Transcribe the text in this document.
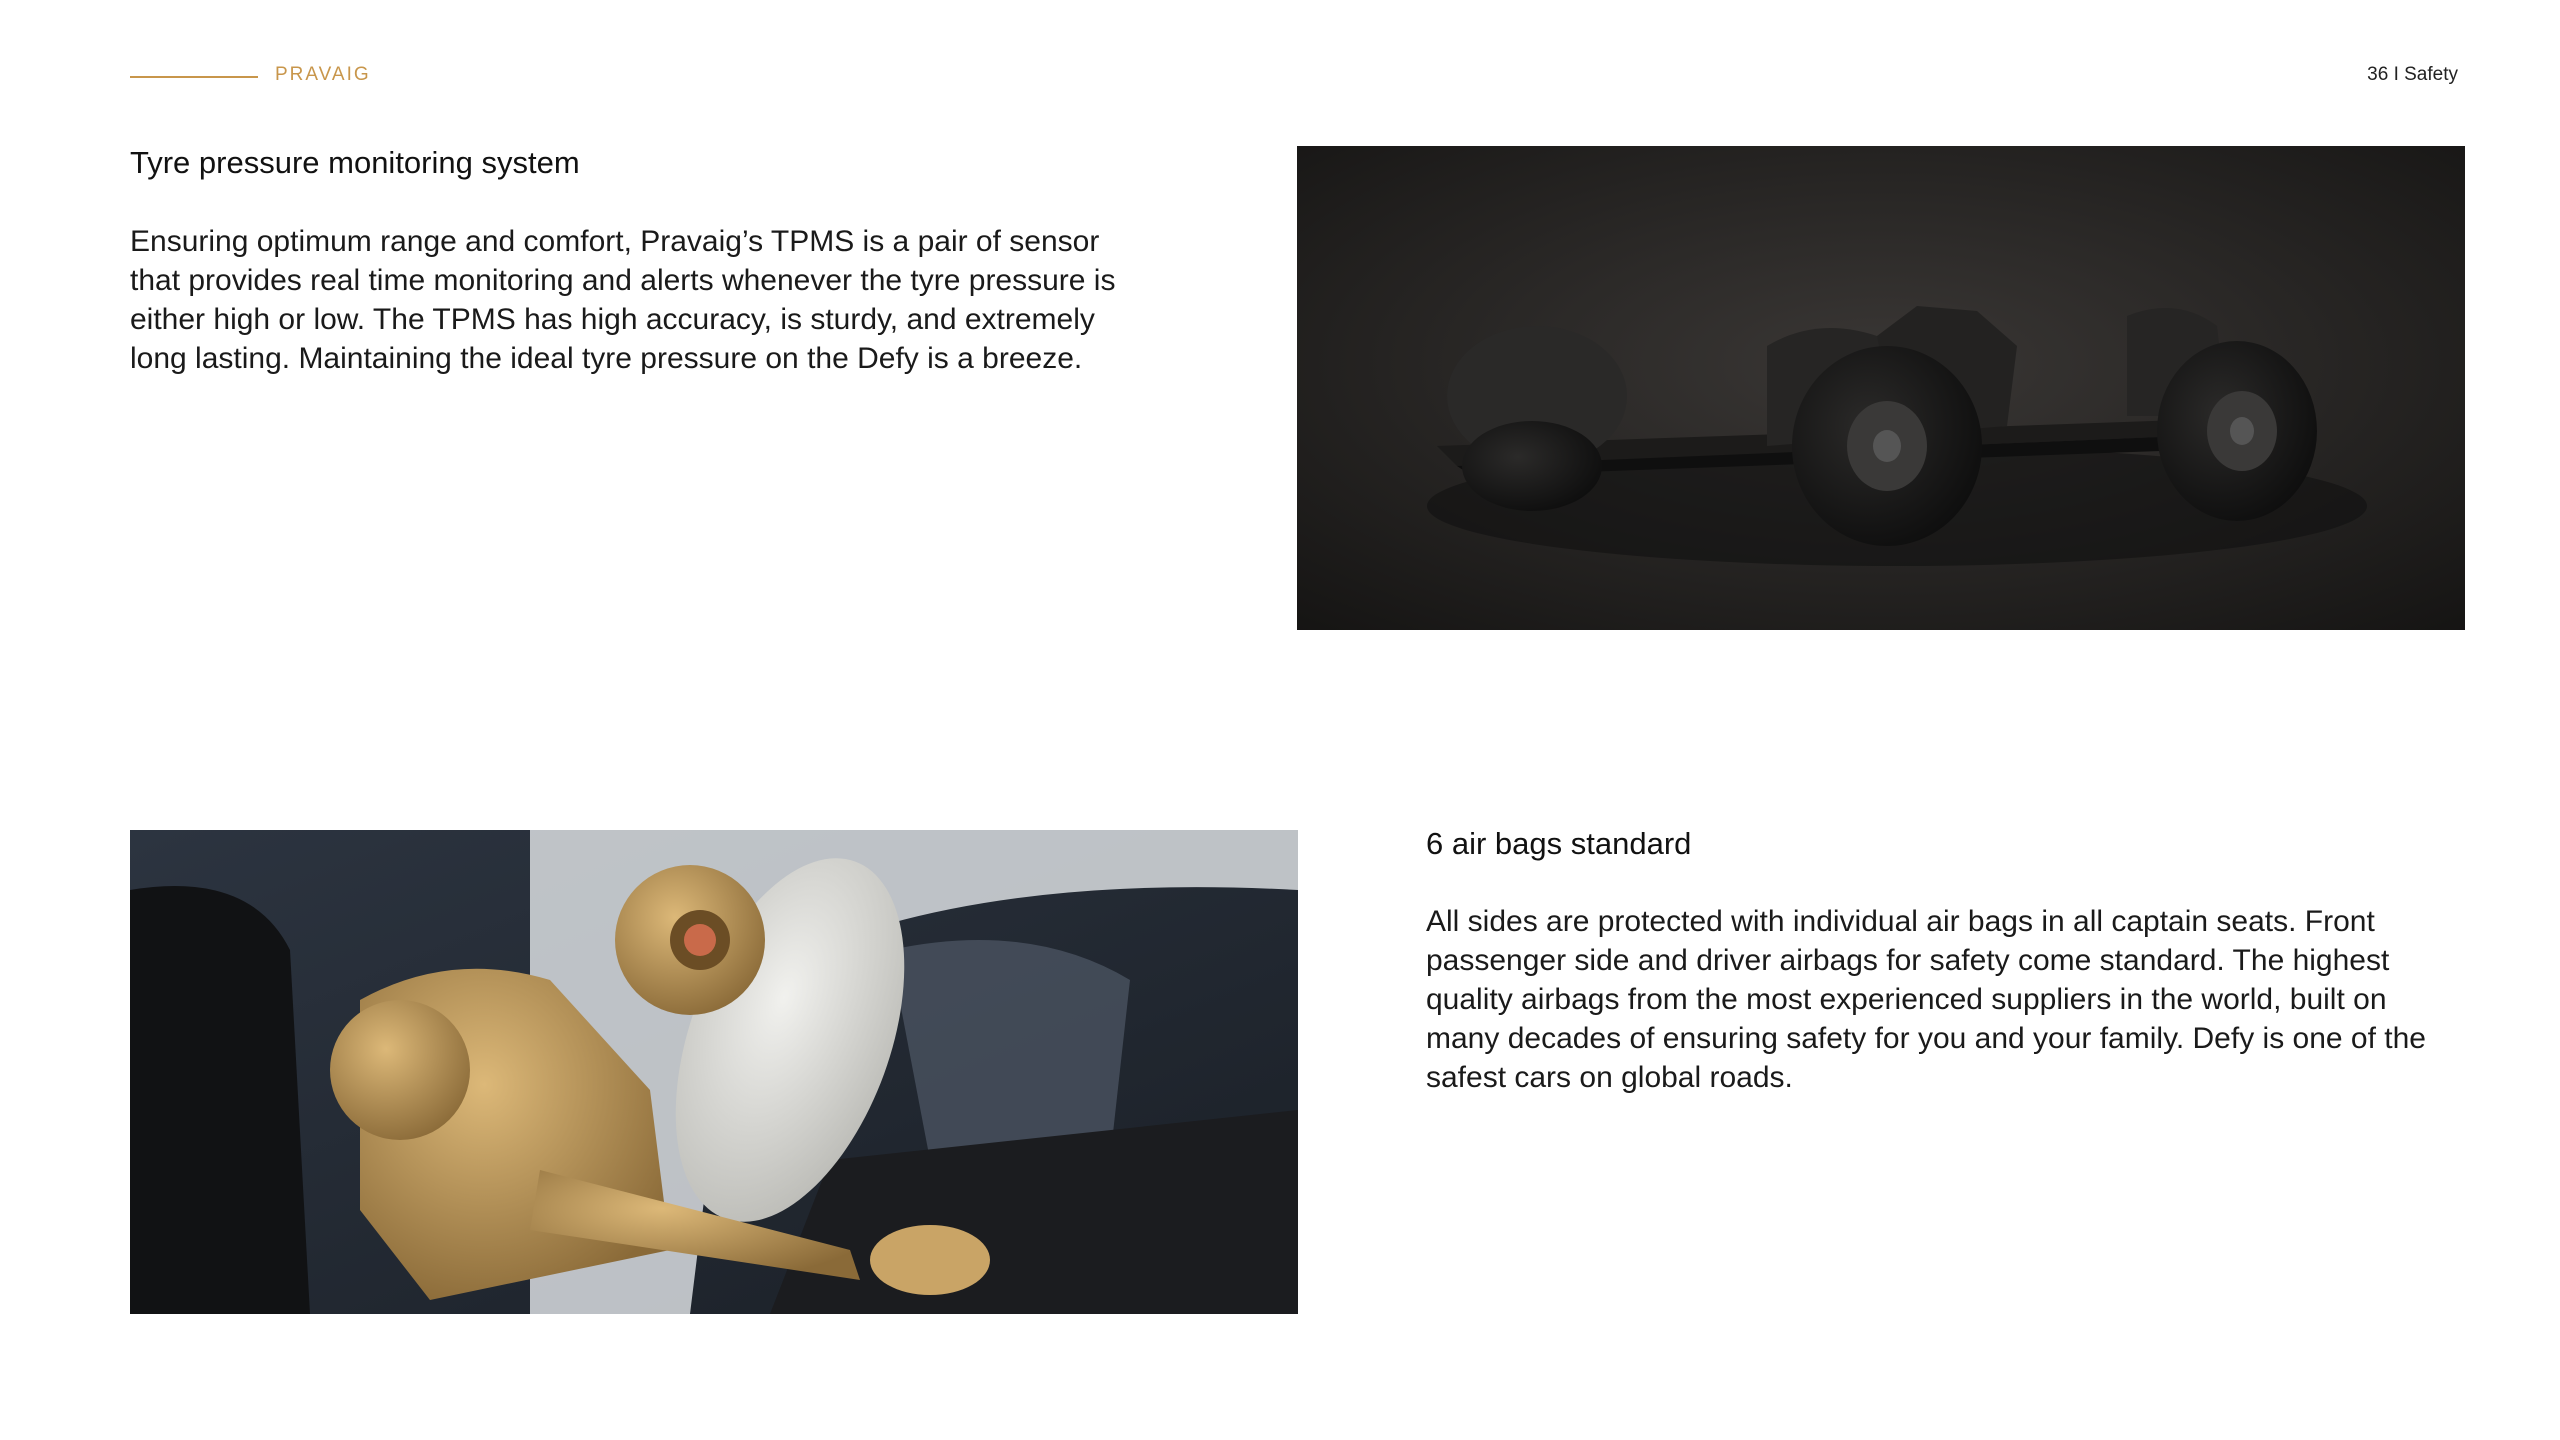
PRAVAIG	36 I Safety
Tyre pressure monitoring system

Ensuring optimum range and comfort, Pravaig’s TPMS is a pair of sensor that provides real time monitoring and alerts whenever the tyre pressure is either high or low. The TPMS has high accuracy, is sturdy, and extremely long lasting. Maintaining the ideal tyre pressure on the Defy is a breeze.

6 air bags standard

All sides are protected with individual air bags in all captain seats. Front passenger side and driver airbags for safety come standard. The highest quality airbags from the most experienced suppliers in the world, built on many decades of ensuring safety for you and your family. Defy is one of the safest cars on global roads.
